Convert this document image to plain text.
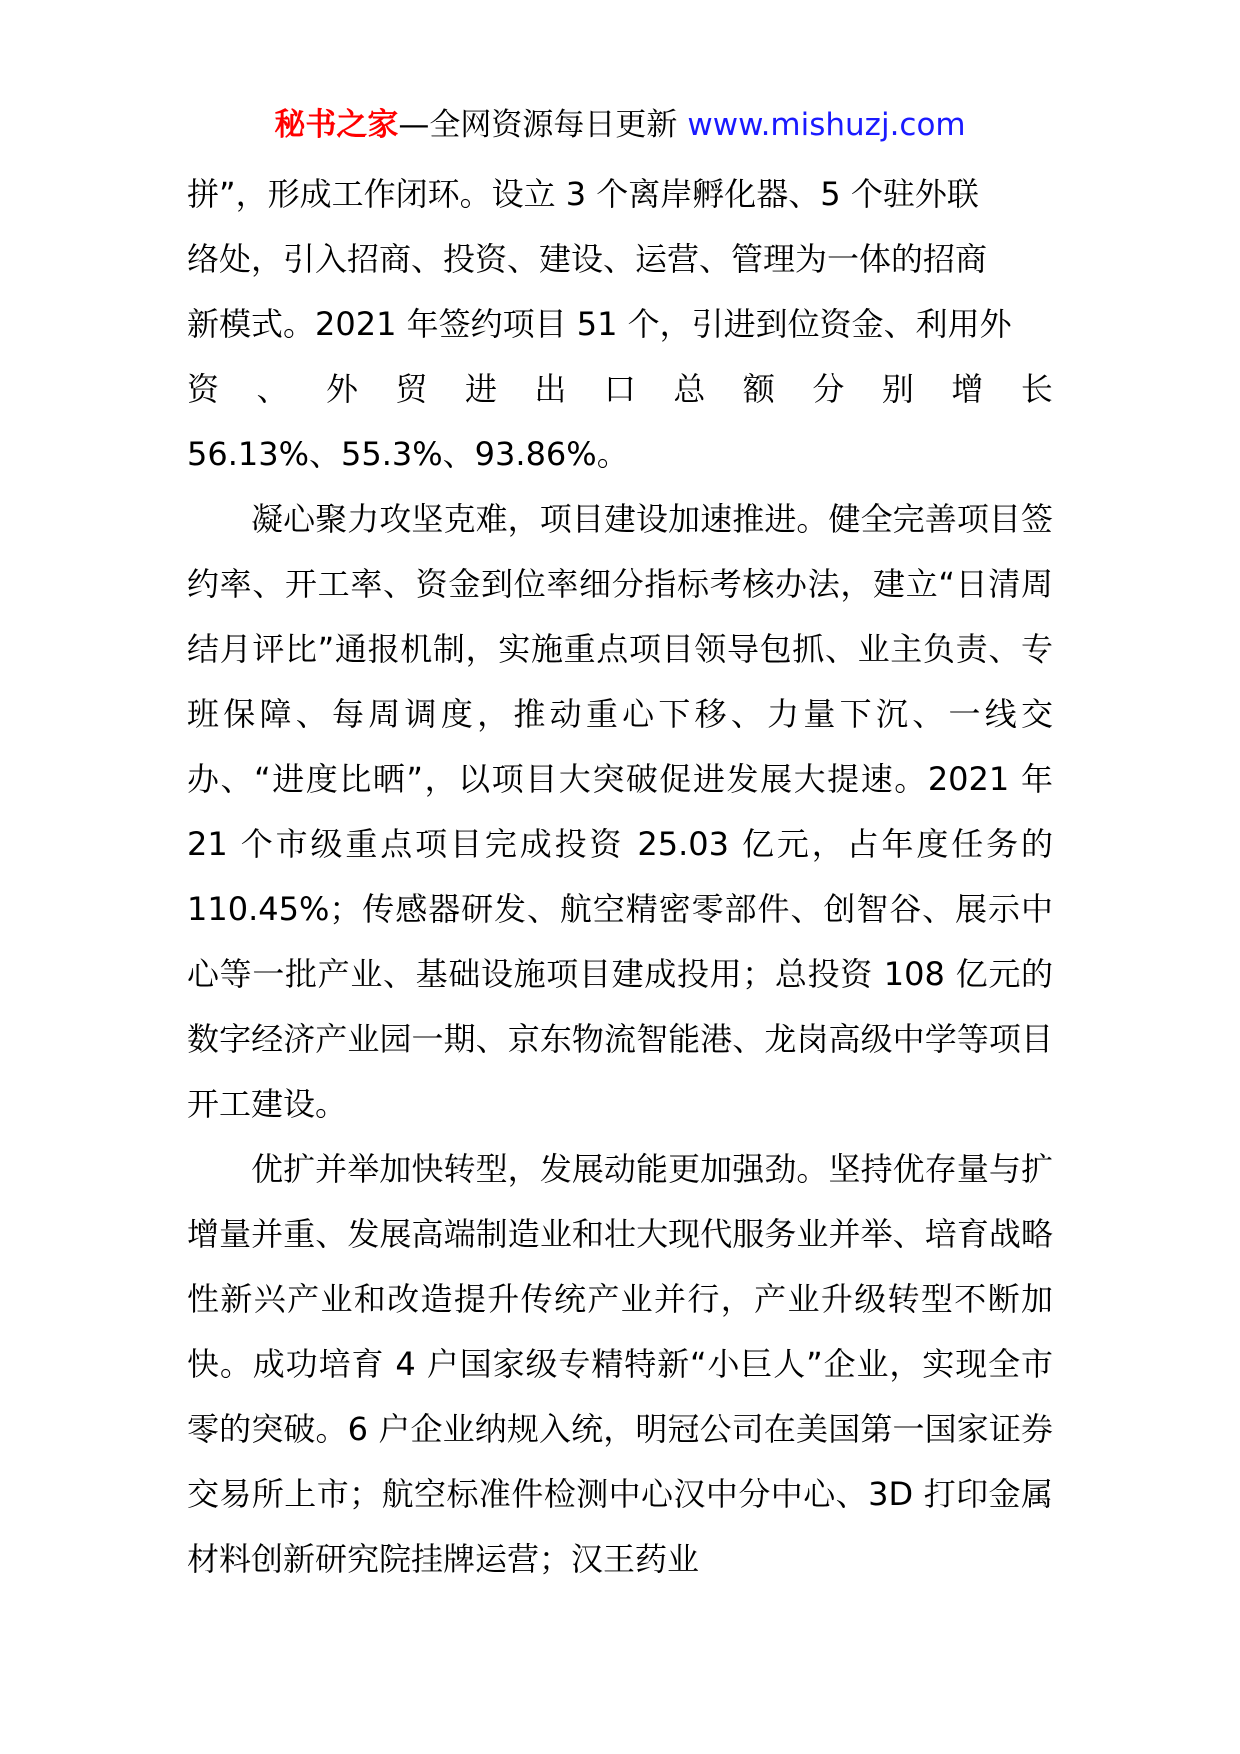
秘书之家—全网资源每日更新 www.mishuzj.com
拼”，形成工作闭环。设立 3 个离岸孵化器、5 个驻外联
络处，引入招商、投资、建设、运营、管理为一体的招商
新模式。2021 年签约项目 51 个，引进到位资金、利用外
资 、 外 贸 进 出 口 总 额 分 别 增 长
56.13%、55.3%、93.86%。

凝心聚力攻坚克难，项目建设加速推进。健全完善项目签约率、开工率、资金到位率细分指标考核办法，建立“日清周结月评比”通报机制，实施重点项目领导包抓、业主负责、专班保障、每周调度，推动重心下移、力量下沉、一线交办、“进度比晒”，以项目大突破促进发展大提速。2021 年 21 个市级重点项目完成投资 25.03 亿元，占年度任务的 110.45%；传感器研发、航空精密零部件、创智谷、展示中心等一批产业、基础设施项目建成投用；总投资 108 亿元的数字经济产业园一期、京东物流智能港、龙岗高级中学等项目开工建设。

优扩并举加快转型，发展动能更加强劲。坚持优存量与扩增量并重、发展高端制造业和壮大现代服务业并举、培育战略性新兴产业和改造提升传统产业并行，产业升级转型不断加快。成功培育 4 户国家级专精特新“小巨人”企业，实现全市零的突破。6 户企业纳规入统，明冠公司在美国第一国家证券交易所上市；航空标准件检测中心汉中分中心、3D 打印金属材料创新研究院挂牌运营；汉王药业
